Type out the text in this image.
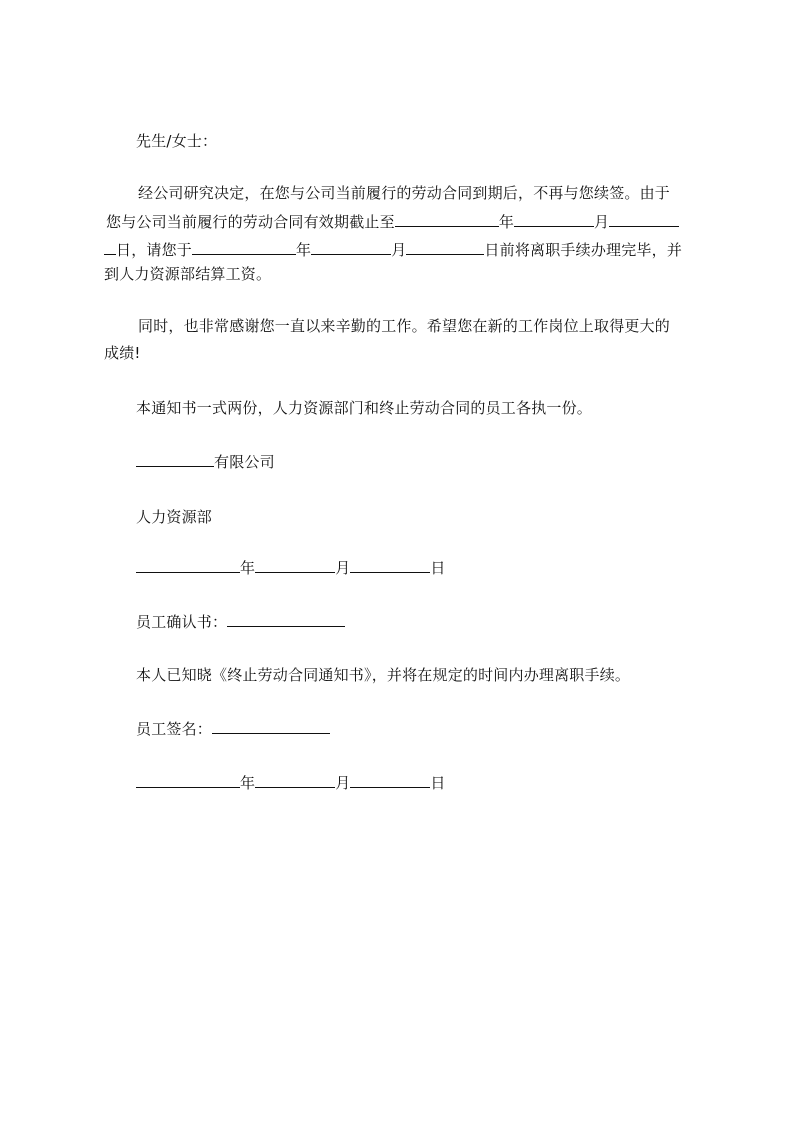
先生/女士：
经公司研究决定，在您与公司当前履行的劳动合同到期后，不再与您续签。由于
您与公司当前履行的劳动合同有效期截止至	年	月
日，请您于	年	月	日前将离职手续办理完毕，并
到人力资源部结算工资。
同时，也非常感谢您一直以来辛勤的工作。希望您在新的工作岗位上取得更大的
成绩!
本通知书一式两份，人力资源部门和终止劳动合同的员工各执一份。
有限公司
人力资源部
年	月	日
员工确认书：
本人已知晓《终止劳动合同通知书》，并将在规定的时间内办理离职手续。
员工签名：
年	月	日
